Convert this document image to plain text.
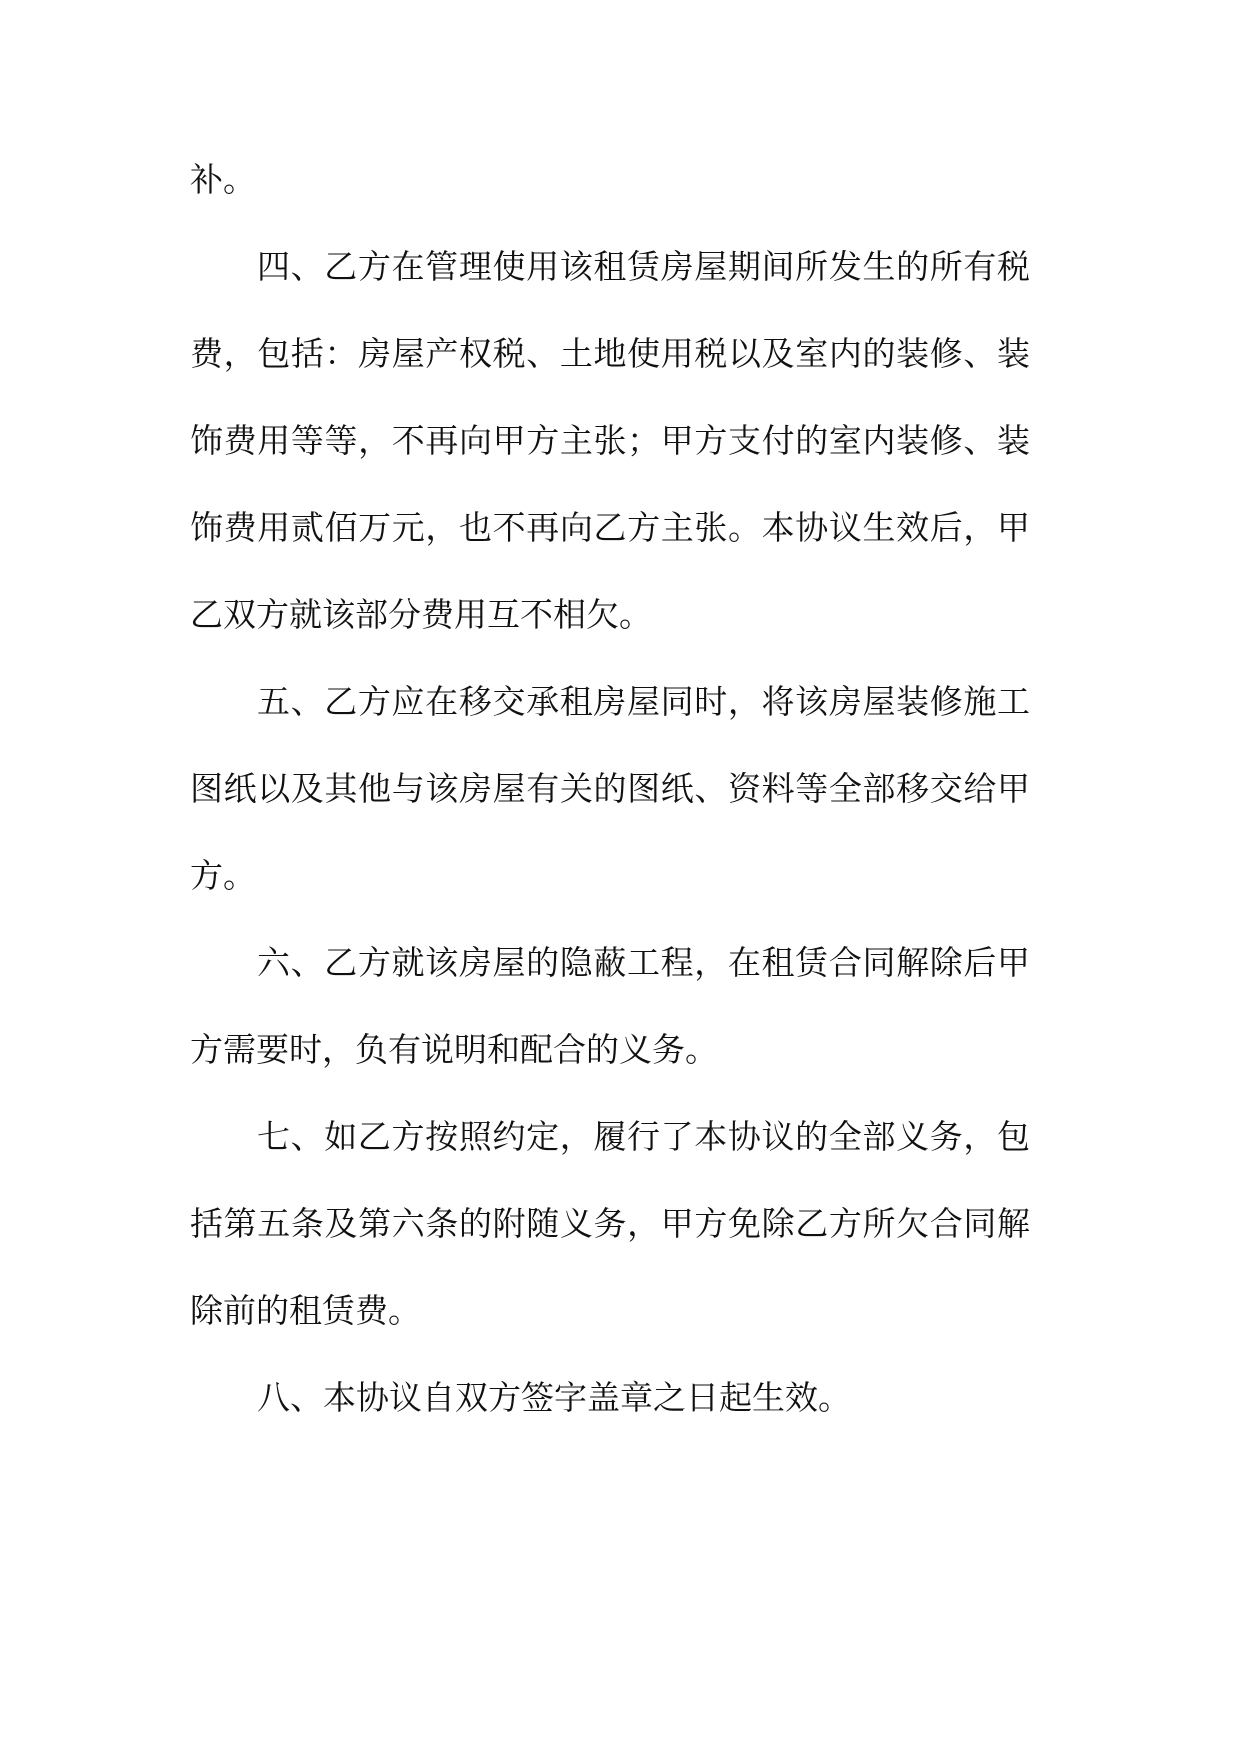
补。
四、乙方在管理使用该租赁房屋期间所发生的所有税
费，包括：房屋产权税、土地使用税以及室内的装修、装
饰费用等等，不再向甲方主张；甲方支付的室内装修、装
饰费用贰佰万元，也不再向乙方主张。本协议生效后，甲
乙双方就该部分费用互不相欠。
五、乙方应在移交承租房屋同时，将该房屋装修施工
图纸以及其他与该房屋有关的图纸、资料等全部移交给甲
方。
六、乙方就该房屋的隐蔽工程，在租赁合同解除后甲
方需要时，负有说明和配合的义务。
七、如乙方按照约定，履行了本协议的全部义务，包
括第五条及第六条的附随义务，甲方免除乙方所欠合同解
除前的租赁费。
八、本协议自双方签字盖章之日起生效。
